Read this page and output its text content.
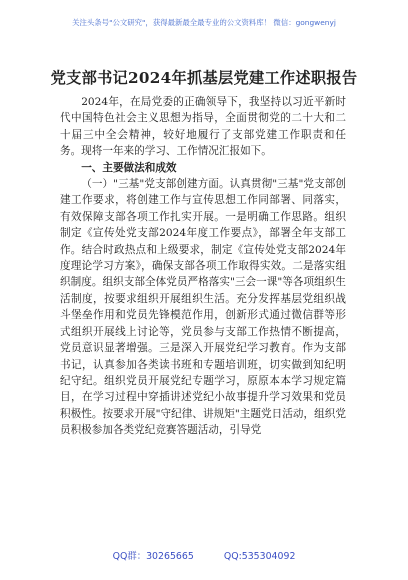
关注头条号"公文研究"，获得最新最全最专业的公文资料库！ 微信：gongwenyj
党支部书记2024年抓基层党建工作述职报告

2024年，在局党委的正确领导下，我坚持以习近平新时代中国特色社会主义思想为指导，全面贯彻党的二十大和二十届三中全会精神，较好地履行了支部党建工作职责和任务。现将一年来的学习、工作情况汇报如下。

一、主要做法和成效

（一）"三基"党支部创建方面。认真贯彻"三基"党支部创建工作要求，将创建工作与宣传思想工作同部署、同落实，有效保障支部各项工作扎实开展。一是明确工作思路。组织制定《宣传处党支部2024年度工作要点》，部署全年支部工作。结合时政热点和上级要求，制定《宣传处党支部2024年度理论学习方案》，确保支部各项工作取得实效。二是落实组织制度。组织支部全体党员严格落实"三会一课"等各项组织生活制度，按要求组织开展组织生活。充分发挥基层党组织战斗堡垒作用和党员先锋模范作用，创新形式通过微信群等形式组织开展线上讨论等，党员参与支部工作热情不断提高，党员意识显著增强。三是深入开展党纪学习教育。作为支部书记，认真参加各类读书班和专题培训班，切实做到知纪明纪守纪。组织党员开展党纪专题学习，原原本本学习规定篇目，在学习过程中穿插讲述党纪小故事提升学习效果和党员积极性。按要求开展"守纪律、讲规矩"主题党日活动，组织党员积极参加各类党纪竞赛答题活动，引导党

QQ群：30265665	QQ:535304092
